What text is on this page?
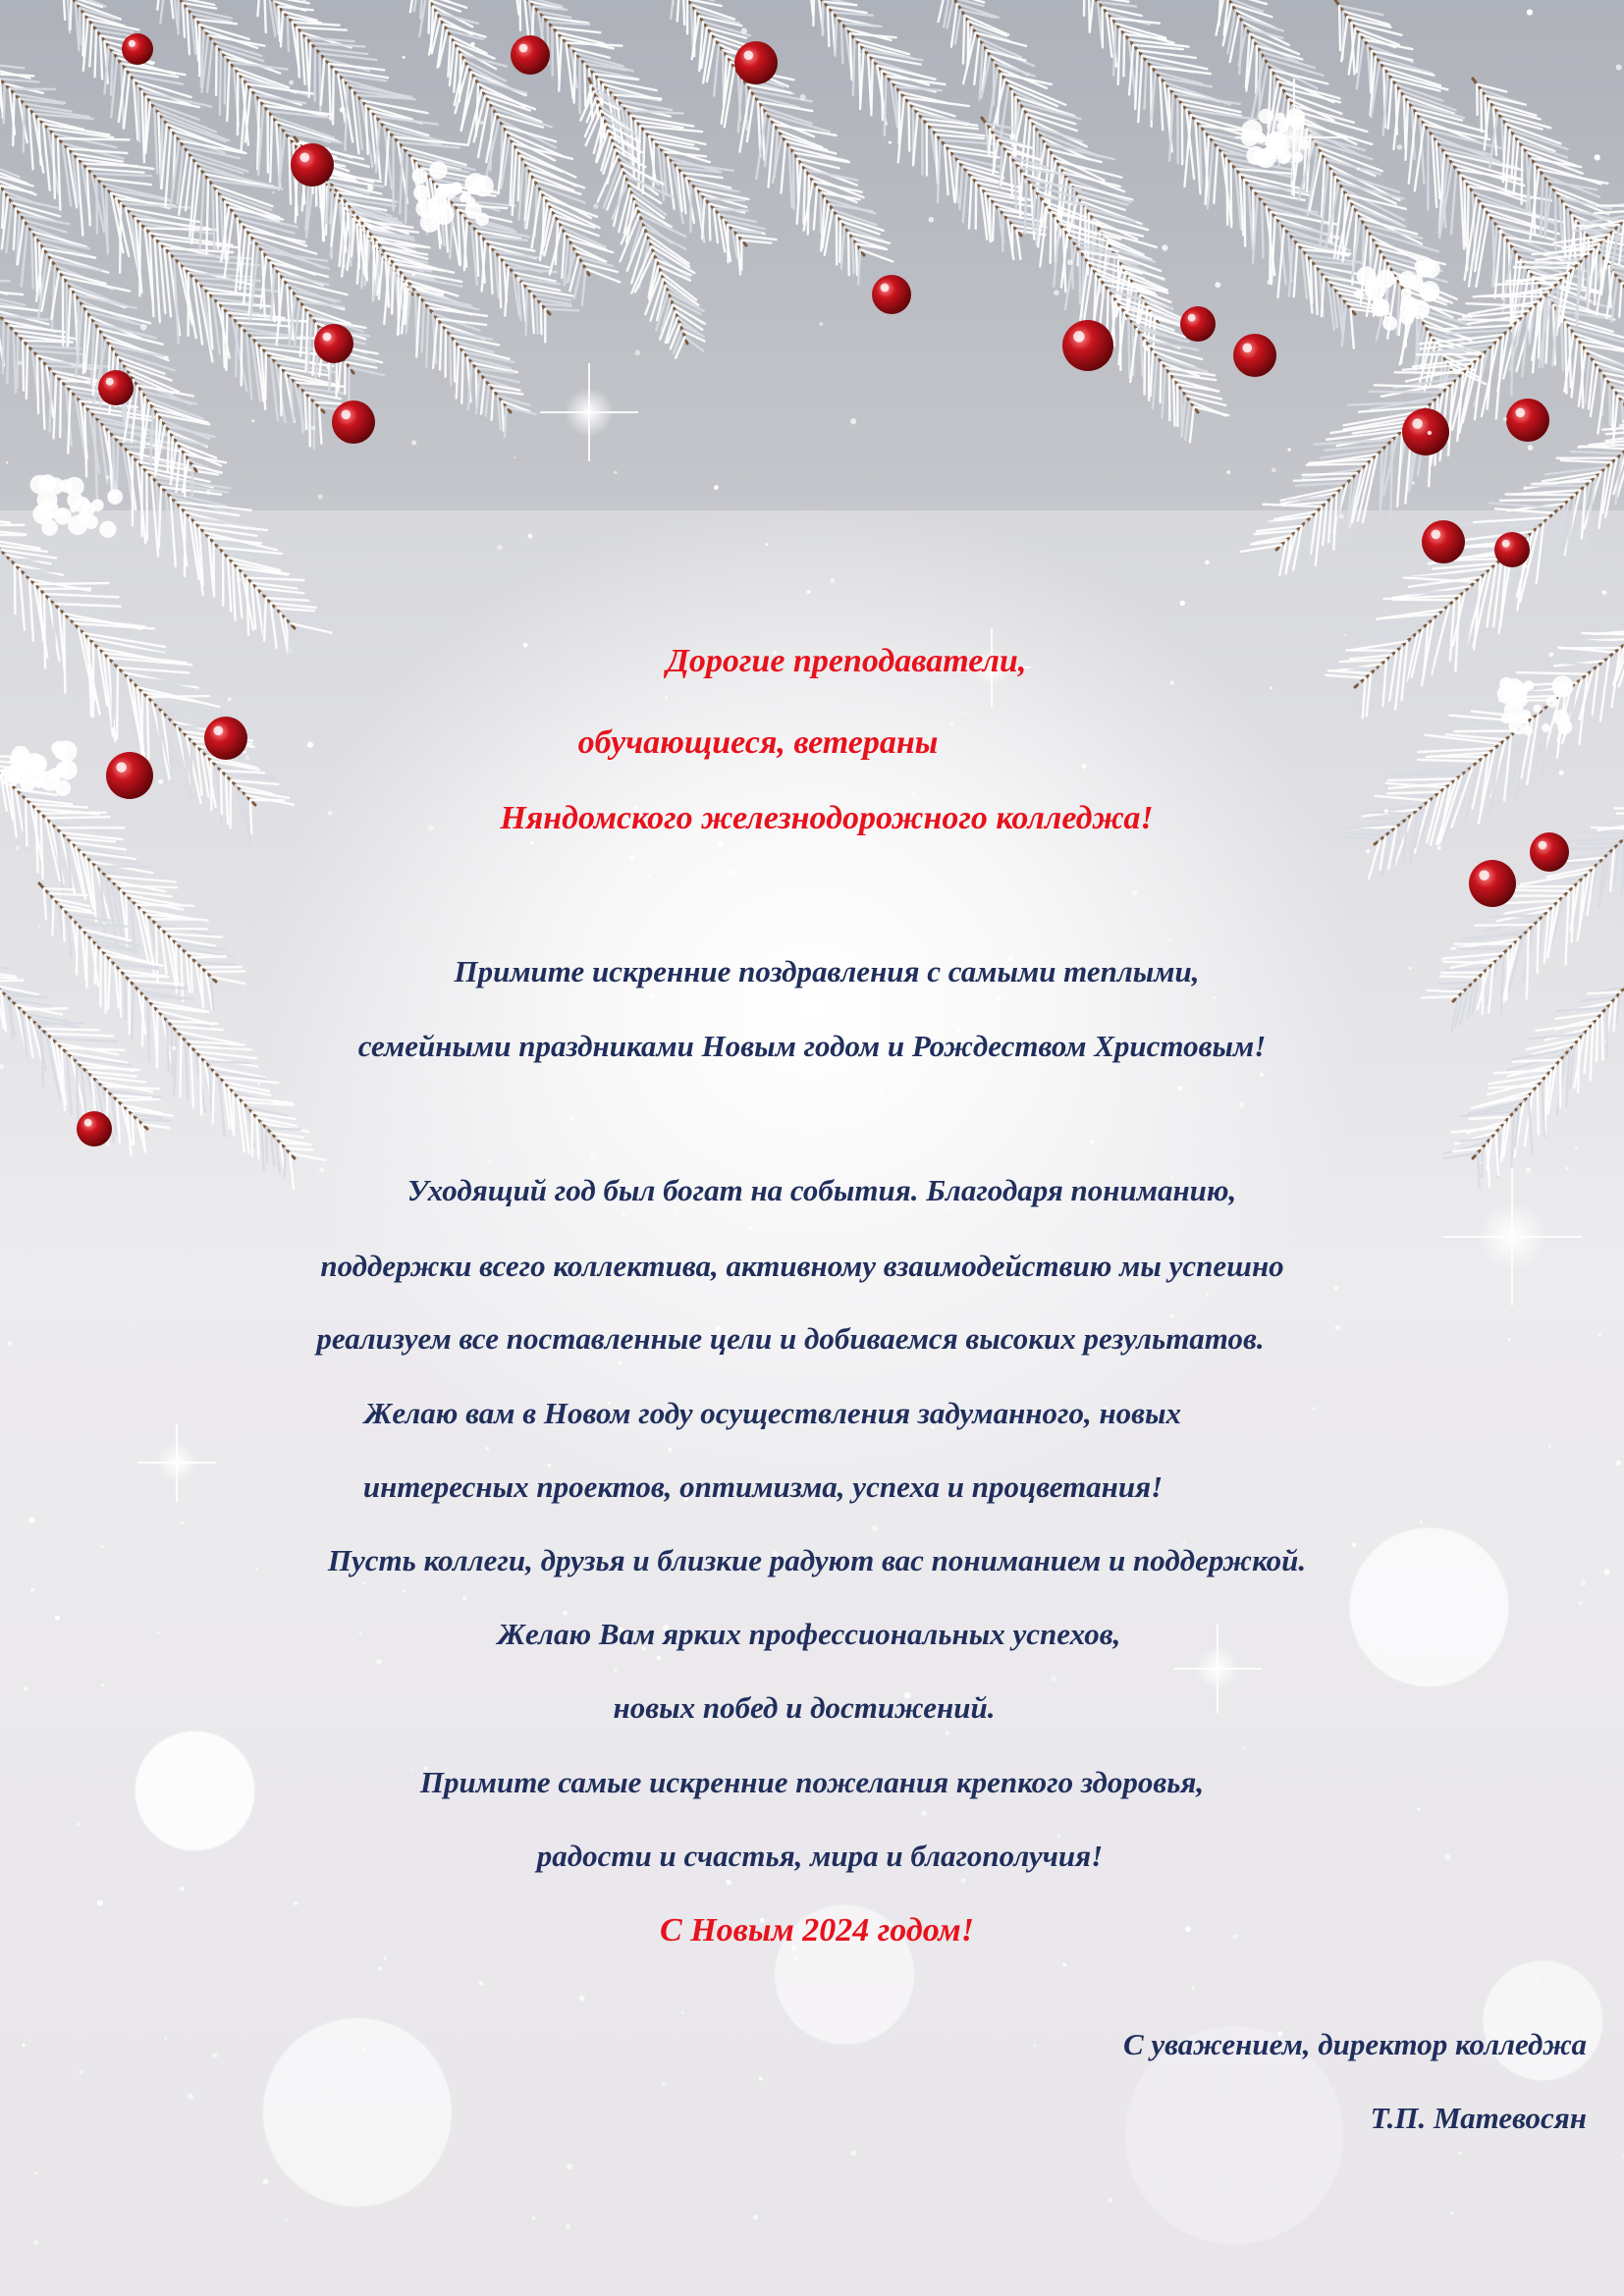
Дорогие преподаватели,

обучающиеся, ветераны

Няндомского железнодорожного колледжа!

Примите искренние поздравления с самыми теплыми,

семейными праздниками Новым годом и Рождеством Христовым!

Уходящий год был богат на события. Благодаря пониманию,

поддержки всего коллектива, активному взаимодействию мы успешно

реализуем все поставленные цели и добиваемся высоких результатов.

Желаю вам в Новом году осуществления задуманного, новых

интересных проектов, оптимизма, успеха и процветания!

Пусть коллеги, друзья и близкие радуют вас пониманием и поддержкой.

Желаю Вам ярких профессиональных успехов,

новых побед и достижений.

Примите самые искренние пожелания крепкого здоровья,

радости и счастья, мира и благополучия!

С Новым 2024 годом!

С уважением, директор колледжа

Т.П. Матевосян
